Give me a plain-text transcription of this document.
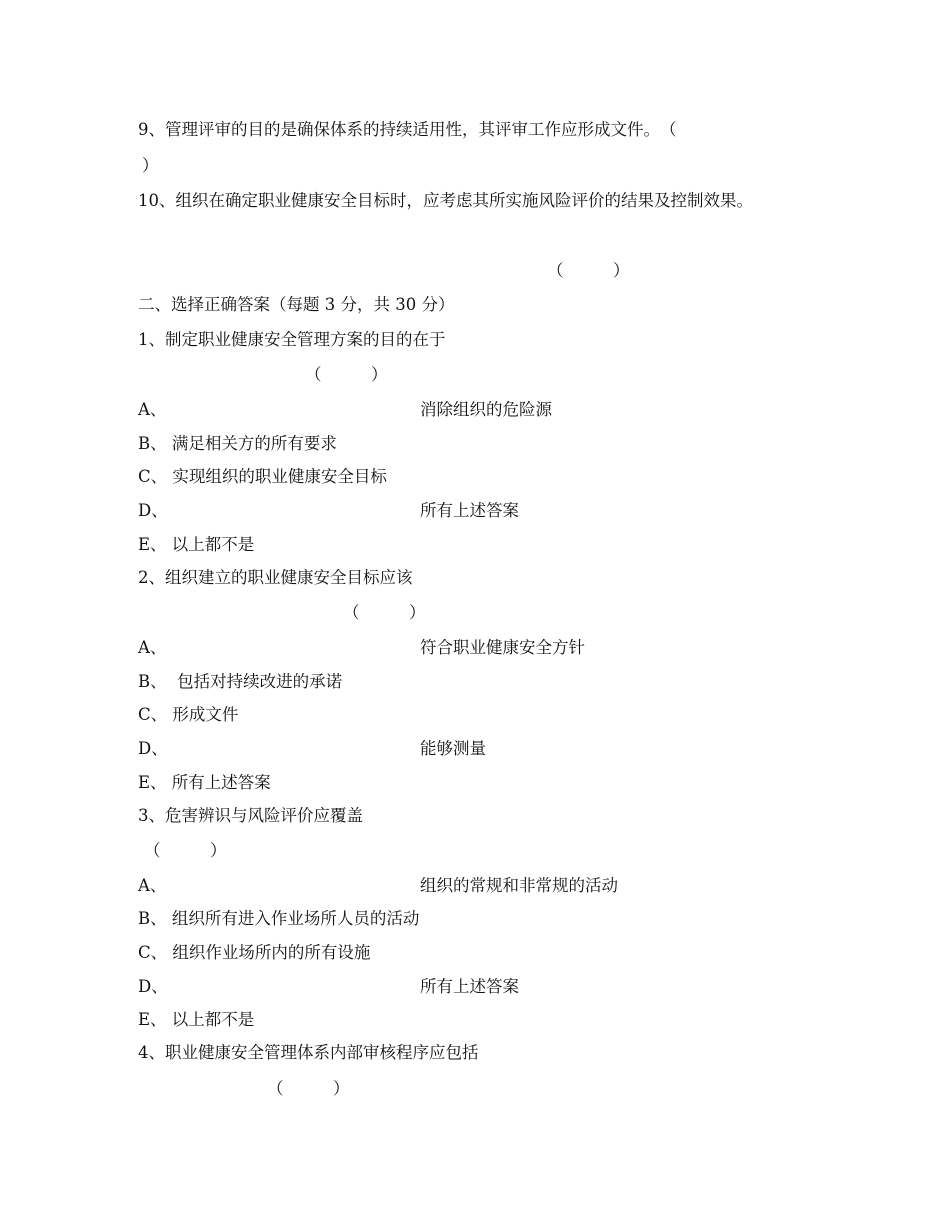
9、管理评审的目的是确保体系的持续适用性，其评审工作应形成文件。　（
）
10、组织在确定职业健康安全目标时，应考虑其所实施风险评价的结果及控制效果。
（　　　）
二、选择正确答案（每题 3 分，共 30 分）
1、制定职业健康安全管理方案的目的在于
（　　　）
A、	消除组织的危险源
B、 满足相关方的所有要求
C、 实现组织的职业健康安全目标
D、	所有上述答案
E、 以上都不是
2、组织建立的职业健康安全目标应该
（　　　）
A、	符合职业健康安全方针
B、  包括对持续改进的承诺
C、 形成文件
D、	能够测量
E、 所有上述答案
3、危害辨识与风险评价应覆盖
（　　　）
A、	组织的常规和非常规的活动
B、 组织所有进入作业场所人员的活动
C、 组织作业场所内的所有设施
D、	所有上述答案
E、 以上都不是
4、职业健康安全管理体系内部审核程序应包括
（　　　）
